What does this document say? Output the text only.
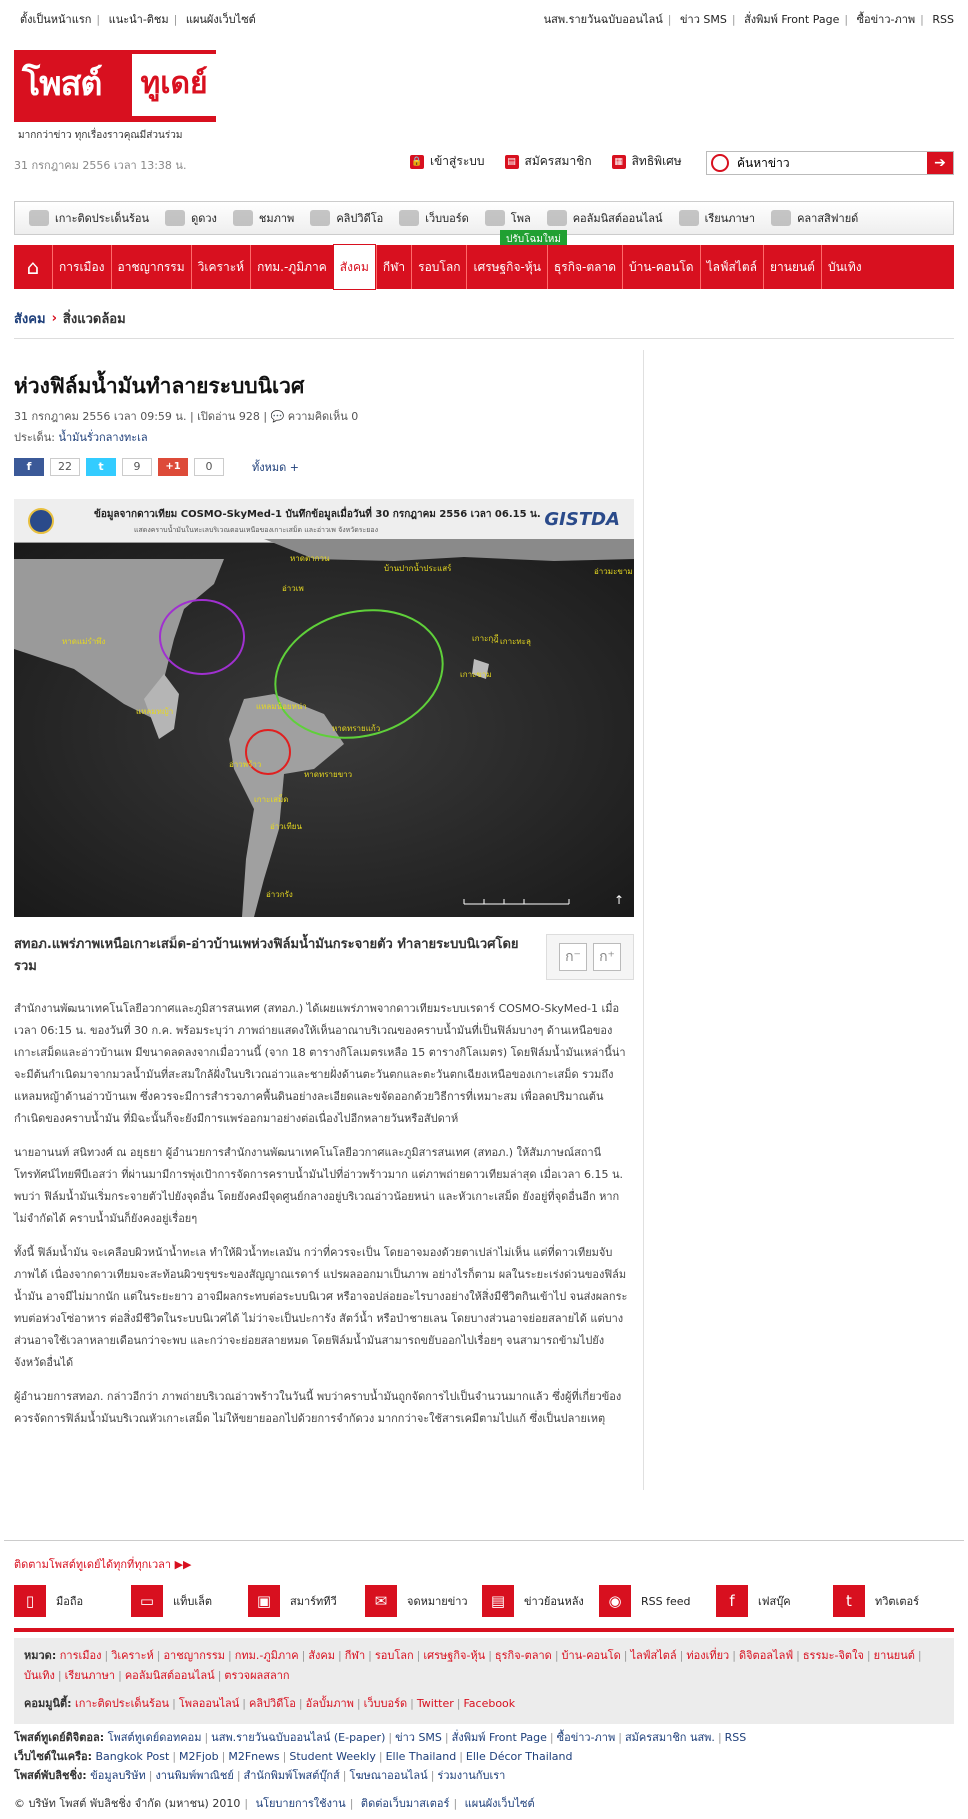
ตั้งเป็นหน้าแรก | แนะนำ-ติชม | แผนผังเว็บไซต์	นสพ.รายวันฉบับออนไลน์ | ข่าว SMS | สั่งพิมพ์ Front Page | ซื้อข่าว-ภาพ | RSS
โพสต์ ทูเดย์
มากกว่าข่าว ทุกเรื่องราวคุณมีส่วนร่วม
31 กรกฎาคม 2556 เวลา 13:38 น.	🔒 เข้าสู่ระบบ	▤ สมัครสมาชิก	▦ สิทธิพิเศษ	ค้นหาข่าว	➔
เกาะติดประเด็นร้อน	ดูดวง	ชมภาพ	คลิปวิดีโอ	เว็บบอร์ด	โพล	คอลัมนิสต์ออนไลน์	เรียนภาษา	คลาสสิฟายด์
ปรับโฉมใหม่
⌂	การเมือง	อาชญากรรม	วิเคราะห์	กทม.-ภูมิภาค	สังคม	กีฬา	รอบโลก	เศรษฐกิจ-หุ้น	ธุรกิจ-ตลาด	บ้าน-คอนโด	ไลฟ์สไตล์	ยานยนต์	บันเทิง
สังคม › สิ่งแวดล้อม
ห่วงฟิล์มน้ำมันทำลายระบบนิเวศ
31 กรกฎาคม 2556 เวลา 09:59 น. | เปิดอ่าน 928 | 💬 ความคิดเห็น 0
ประเด็น: น้ำมันรั่วกลางทะเล
f	22	t	9	+1	0	ทั้งหมด +
ข้อมูลจากดาวเทียม COSMO-SkyMed-1 บันทึกข้อมูลเมื่อวันที่ 30 กรกฎาคม 2556 เวลา 06.15 น.
แสดงคราบน้ำมันในทะเลบริเวณตอนเหนือของเกาะเสม็ด และอ่าวเพ จังหวัดระยอง	GISTDA
หาดแม่รำพึง
แหลมหญ้า
หาดตากวน
บ้านปากน้ำประแสร์
อ่าวเพ
เกาะกุฎี เกาะทะลุ
เกาะขาม
แหลมน้อยหน่า
หาดทรายแก้ว
อ่าวพร้าว
หาดทรายขาว
เกาะเสม็ด
อ่าวเทียน
อ่าวกรัง
อ่าวมะขาม
↑
สทอภ.แพร่ภาพเหนือเกาะเสม็ด-อ่าวบ้านเพห่วงฟิล์มน้ำมันกระจายตัว ทำลายระบบนิเวศโดยรวม
ก⁻	ก⁺

สำนักงานพัฒนาเทคโนโลยีอวกาศและภูมิสารสนเทศ (สทอภ.) ได้เผยแพร่ภาพจากดาวเทียมระบบเรดาร์ COSMO-SkyMed-1 เมื่อเวลา 06:15 น. ของวันที่ 30 ก.ค. พร้อมระบุว่า ภาพถ่ายแสดงให้เห็นอาณาบริเวณของคราบน้ำมันที่เป็นฟิล์มบางๆ ด้านเหนือของเกาะเสม็ดและอ่าวบ้านเพ มีขนาดลดลงจากเมื่อวานนี้ (จาก 18 ตารางกิโลเมตรเหลือ 15 ตารางกิโลเมตร) โดยฟิล์มน้ำมันเหล่านี้น่าจะมีต้นกำเนิดมาจากมวลน้ำมันที่สะสมใกล้ฝั่งในบริเวณอ่าวและชายฝั่งด้านตะวันตกและตะวันตกเฉียงเหนือของเกาะเสม็ด รวมถึงแหลมหญ้าด้านอ่าวบ้านเพ ซึ่งควรจะมีการสำรวจภาคพื้นดินอย่างละเอียดและขจัดออกด้วยวิธีการที่เหมาะสม เพื่อลดปริมาณต้นกำเนิดของคราบน้ำมัน ที่มิฉะนั้นก็จะยังมีการแพร่ออกมาอย่างต่อเนื่องไปอีกหลายวันหรือสัปดาห์

นายอานนท์ สนิทวงศ์ ณ อยุธยา ผู้อำนวยการสำนักงานพัฒนาเทคโนโลยีอวกาศและภูมิสารสนเทศ (สทอภ.) ให้สัมภาษณ์สถานีโทรทัศน์ไทยพีบีเอสว่า ที่ผ่านมามีการพุ่งเป้าการจัดการคราบน้ำมันไปที่อ่าวพร้าวมาก แต่ภาพถ่ายดาวเทียมล่าสุด เมื่อเวลา 6.15 น. พบว่า ฟิล์มน้ำมันเริ่มกระจายตัวไปยังจุดอื่น โดยยังคงมีจุดศูนย์กลางอยู่บริเวณอ่าวน้อยหน่า และหัวเกาะเสม็ด ยังอยู่ที่จุดอื่นอีก หากไม่จำกัดได้ คราบน้ำมันก็ยังคงอยู่เรื่อยๆ

ทั้งนี้ ฟิล์มน้ำมัน จะเคลือบผิวหน้าน้ำทะเล ทำให้ผิวน้ำทะเลมัน กว่าที่ควรจะเป็น โดยอาจมองด้วยตาเปล่าไม่เห็น แต่ที่ดาวเทียมจับภาพได้ เนื่องจากดาวเทียมจะสะท้อนผิวขรุขระของสัญญาณเรดาร์ แปรผลออกมาเป็นภาพ อย่างไรก็ตาม ผลในระยะเร่งด่วนของฟิล์มน้ำมัน อาจมีไม่มากนัก แต่ในระยะยาว อาจมีผลกระทบต่อระบบนิเวศ หรือาจอปล่อยอะไรบางอย่างให้สิ่งมีชีวิตกินเข้าไป จนส่งผลกระทบต่อห่วงโซ่อาหาร ต่อสิ่งมีชีวิตในระบบนิเวศได้ ไม่ว่าจะเป็นปะการัง สัตว์น้ำ หรือป่าชายเลน โดยบางส่วนอาจย่อยสลายได้ แต่บางส่วนอาจใช้เวลาหลายเดือนกว่าจะพบ และกว่าจะย่อยสลายหมด โดยฟิล์มน้ำมันสามารถขยับออกไปเรื่อยๆ จนสามารถข้ามไปยังจังหวัดอื่นได้

ผู้อำนวยการสทอภ. กล่าวอีกว่า ภาพถ่ายบริเวณอ่าวพร้าวในวันนี้ พบว่าคราบน้ำมันถูกจัดการไปเป็นจำนวนมากแล้ว ซึ่งผู้ที่เกี่ยวข้องควรจัดการฟิล์มน้ำมันบริเวณหัวเกาะเสม็ด ไม่ให้ขยายออกไปด้วยการจำกัดวง มากกว่าจะใช้สารเคมีตามไปแก้ ซึ่งเป็นปลายเหตุ

ติดตามโพสต์ทูเดย์ได้ทุกที่ทุกเวลา ▶▶
▯	มือถือ	▭	แท็บเล็ต	▣	สมาร์ททีวี	✉	จดหมายข่าว	▤	ข่าวย้อนหลัง	◉	RSS feed	f	เฟสบุ๊ค	t	ทวิตเตอร์
หมวด: การเมือง | วิเคราะห์ | อาชญากรรม | กทม.-ภูมิภาค | สังคม | กีฬา | รอบโลก | เศรษฐกิจ-หุ้น | ธุรกิจ-ตลาด | บ้าน-คอนโด | ไลฟ์สไตล์ | ท่องเที่ยว | ดิจิตอลไลฟ์ | ธรรมะ-จิตใจ | ยานยนต์ |บันเทิง | เรียนภาษา | คอลัมนิสต์ออนไลน์ | ตรวจผลสลาก
คอมมูนิตี้: เกาะติดประเด็นร้อน | โพลออนไลน์ | คลิปวิดีโอ | อัลบั้มภาพ | เว็บบอร์ด | Twitter | Facebook
โพสต์ทูเดย์ดิจิตอล: โพสต์ทูเดย์ดอทคอม | นสพ.รายวันฉบับออนไลน์ (E-paper) | ข่าว SMS | สั่งพิมพ์ Front Page | ซื้อข่าว-ภาพ | สมัครสมาชิก นสพ. | RSS
เว็บไซต์ในเครือ: Bangkok Post | M2Fjob | M2Fnews | Student Weekly | Elle Thailand | Elle Décor Thailand
โพสต์พับลิชชิ่ง: ข้อมูลบริษัท | งานพิมพ์พาณิชย์ | สำนักพิมพ์โพสต์บุ๊กส์ | โฆษณาออนไลน์ | ร่วมงานกับเรา
© บริษัท โพสต์ พับลิชชิ่ง จำกัด (มหาชน) 2010 | นโยบายการใช้งาน | ติดต่อเว็บมาสเตอร์ | แผนผังเว็บไซต์
